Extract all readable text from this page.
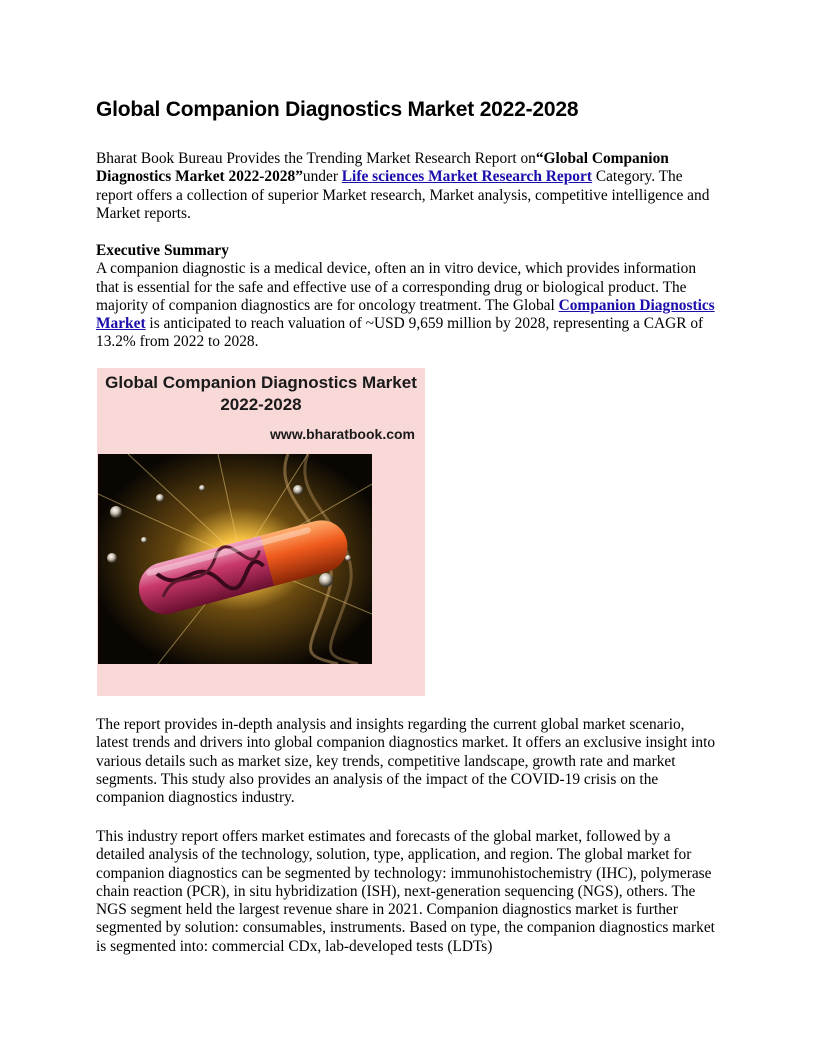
Global Companion Diagnostics Market 2022-2028

Bharat Book Bureau Provides the Trending Market Research Report on“Global Companion Diagnostics Market 2022-2028”under Life sciences Market Research Report Category. The report offers a collection of superior Market research, Market analysis, competitive intelligence and Market reports.

Executive Summary
A companion diagnostic is a medical device, often an in vitro device, which provides information that is essential for the safe and effective use of a corresponding drug or biological product. The majority of companion diagnostics are for oncology treatment. The Global Companion Diagnostics Market is anticipated to reach valuation of ~USD 9,659 million by 2028, representing a CAGR of 13.2% from 2022 to 2028.

Global Companion Diagnostics Market 2022-2028
www.bharatbook.com

The report provides in-depth analysis and insights regarding the current global market scenario, latest trends and drivers into global companion diagnostics market. It offers an exclusive insight into various details such as market size, key trends, competitive landscape, growth rate and market segments. This study also provides an analysis of the impact of the COVID-19 crisis on the companion diagnostics industry.

This industry report offers market estimates and forecasts of the global market, followed by a detailed analysis of the technology, solution, type, application, and region. The global market for companion diagnostics can be segmented by technology: immunohistochemistry (IHC), polymerase chain reaction (PCR), in situ hybridization (ISH), next-generation sequencing (NGS), others. The NGS segment held the largest revenue share in 2021. Companion diagnostics market is further segmented by solution: consumables, instruments. Based on type, the companion diagnostics market is segmented into: commercial CDx, lab-developed tests (LDTs)
